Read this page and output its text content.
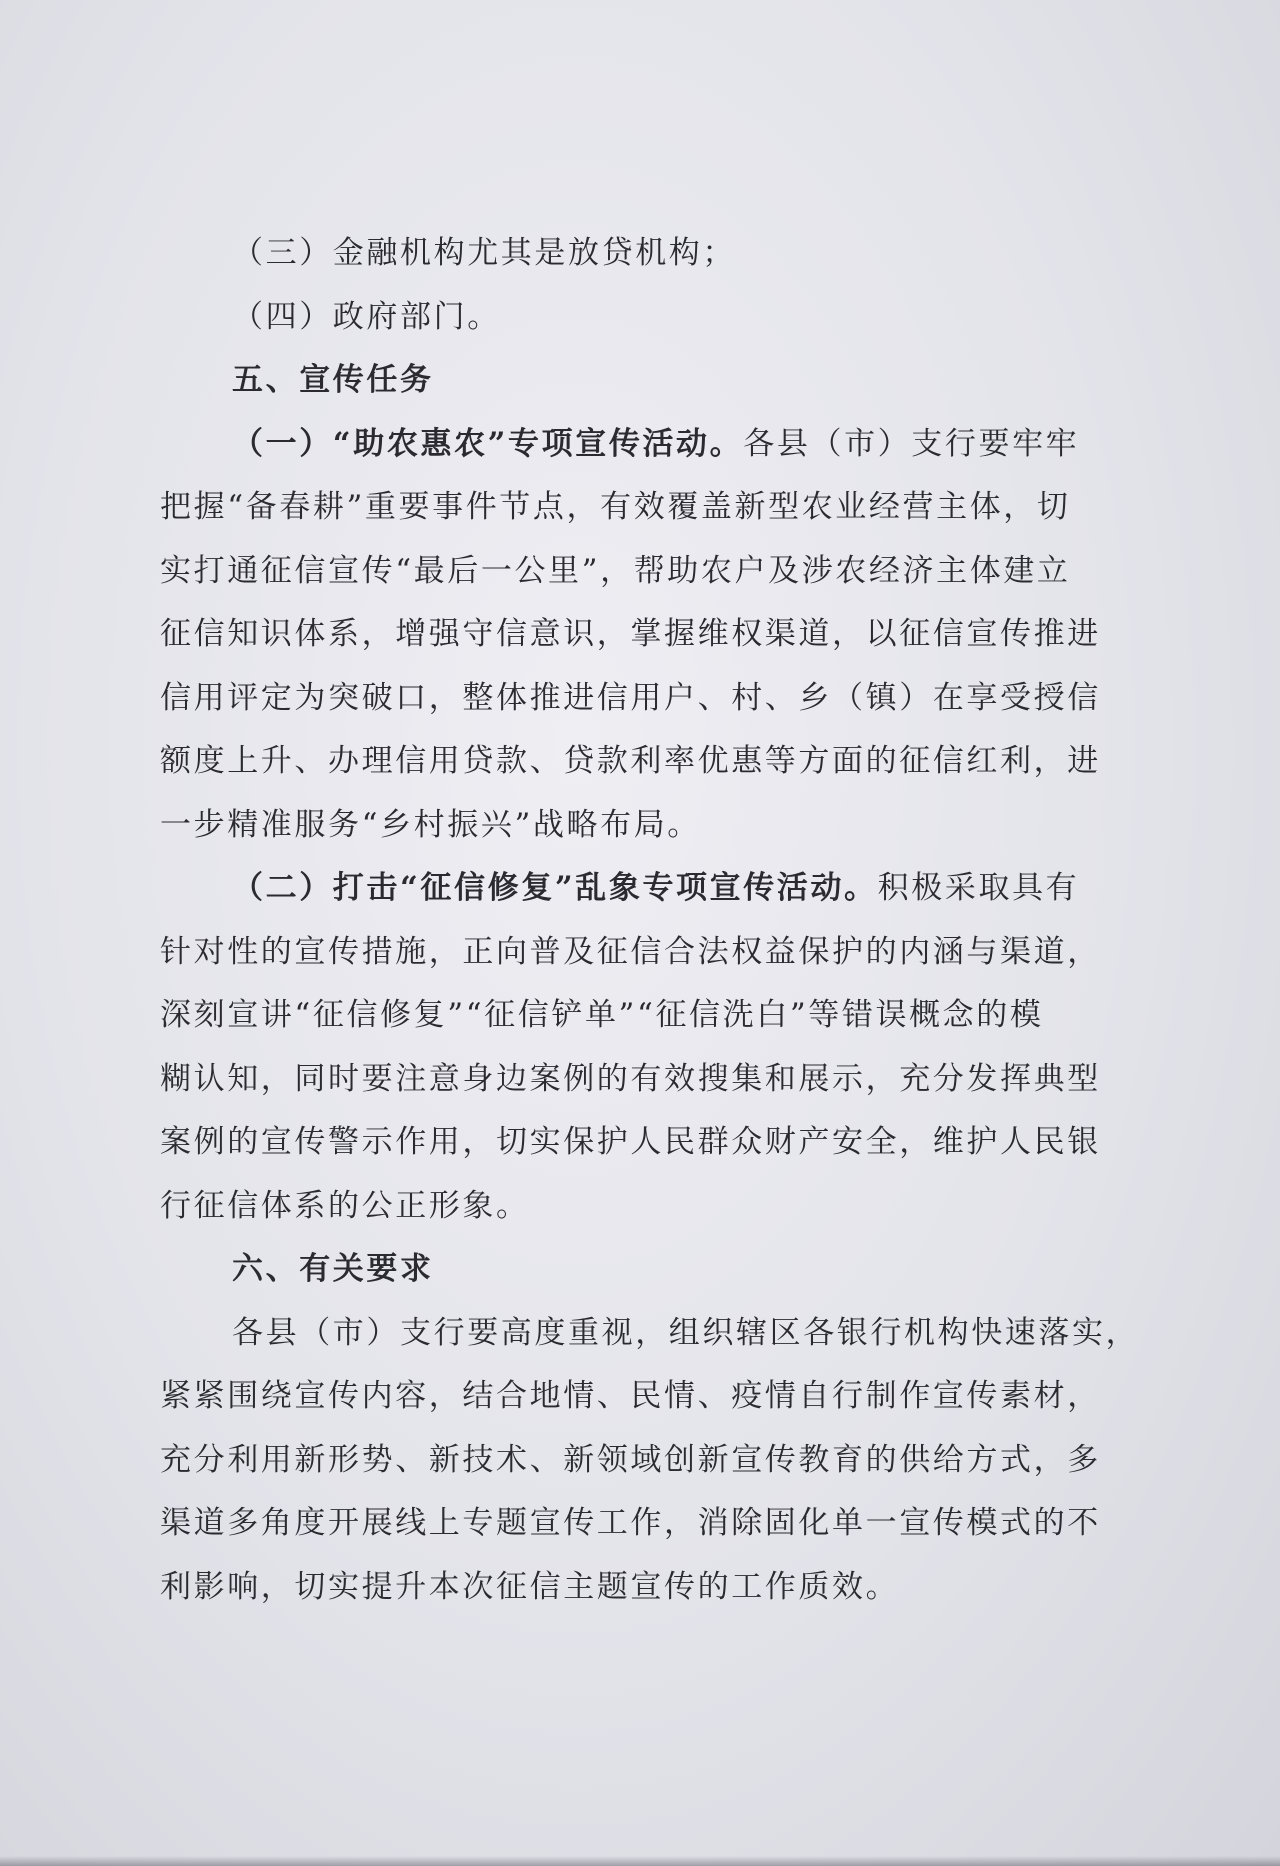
（三）金融机构尤其是放贷机构；

（四）政府部门。

五、宣传任务

（一）“助农惠农”专项宣传活动。各县（市）支行要牢牢

把握“备春耕”重要事件节点，有效覆盖新型农业经营主体，切

实打通征信宣传“最后一公里”，帮助农户及涉农经济主体建立

征信知识体系，增强守信意识，掌握维权渠道，以征信宣传推进

信用评定为突破口，整体推进信用户、村、乡（镇）在享受授信

额度上升、办理信用贷款、贷款利率优惠等方面的征信红利，进

一步精准服务“乡村振兴”战略布局。

（二）打击“征信修复”乱象专项宣传活动。积极采取具有

针对性的宣传措施，正向普及征信合法权益保护的内涵与渠道，

深刻宣讲“征信修复”“征信铲单”“征信洗白”等错误概念的模

糊认知，同时要注意身边案例的有效搜集和展示，充分发挥典型

案例的宣传警示作用，切实保护人民群众财产安全，维护人民银

行征信体系的公正形象。

六、有关要求

各县（市）支行要高度重视，组织辖区各银行机构快速落实，

紧紧围绕宣传内容，结合地情、民情、疫情自行制作宣传素材，

充分利用新形势、新技术、新领域创新宣传教育的供给方式，多

渠道多角度开展线上专题宣传工作，消除固化单一宣传模式的不

利影响，切实提升本次征信主题宣传的工作质效。
